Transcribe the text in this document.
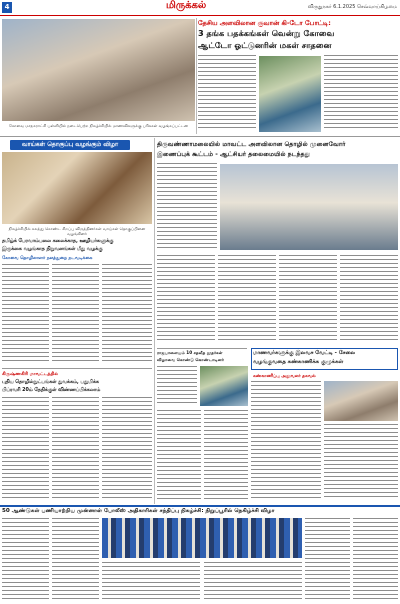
4	மிருக்கல்	விருதுநகர் 6.1.2025 செவ்வாய்கிழமை
கோவை மாநகராட்சி பள்ளியில் நடைபெற்ற நிகழ்ச்சியில் மாணவிகளுக்கு பரிசுகள் வழங்கப்பட்டன
தேசிய அளவிலான குவான் கி-டோ போட்டி:
3 தங்க பதக்கங்கள் வென்று கோவை
ஆட்டோ ஓட்டுனரின் மகள் சாதனை
வாய்கள் தொகுப்பு வழங்கும் விழா
நிகழ்ச்சியில் கலந்து கொண்ட சிறப்பு விருந்தினர்கள் வாய்கள் தொகுப்பினை வழங்கினர்
திருவண்ணாமலையில் மாவட்ட அளவிலான தொழில் முனைவோர்
இணைப்புக் கூட்டம் - ஆட்சியர் தலைமையில் நடந்தது
தமிழ்க் பேரவாம்பலை கலைக்காத, ஊழியர்களுக்கு
இருக்கை வழங்காத நிறுவனங்கள் மீது வழக்கு
கோவை தொழிலாளர் நலத்துறை நடவடிக்கை
ராஜபாளையம் 10 சதவீத தூதர்கள்
விழாவை கொண்டு கொண்டாடினர்
மாணவர்களுக்கு இலவச வேட்டி - சேலை
வழங்குவதை கண்காணிக்க குழுக்கள்
கண்காணிப்பு அலுவலர் தகவல்
கிருஷ்ணகிரி மாவட்டத்தில்
புதிய தொழில்நுட்பங்கள் துவக்கம், பதுமிக்க
பிப்ரவரி 20ம் தேதிக்குள் விண்ணப்பிக்கலாம்
50 ஆண்டுகள் பணியாற்றிய முன்னாள் போலீஸ் அதிகாரிகள் சந்திப்பு நிகழ்ச்சி: நிறுப்பூரில் நெகிழ்ச்சி விழா
